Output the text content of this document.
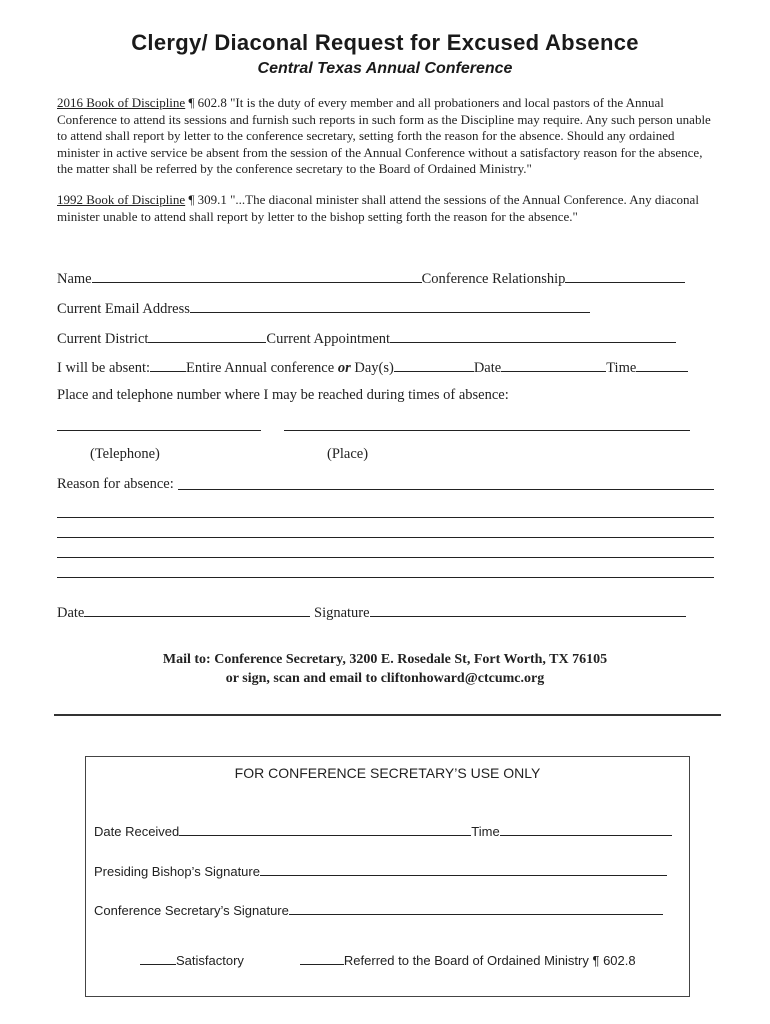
Clergy/ Diaconal Request for Excused Absence
Central Texas Annual Conference
2016 Book of Discipline ¶ 602.8 "It is the duty of every member and all probationers and local pastors of the Annual Conference to attend its sessions and furnish such reports in such form as the Discipline may require. Any such person unable to attend shall report by letter to the conference secretary, setting forth the reason for the absence. Should any ordained minister in active service be absent from the session of the Annual Conference without a satisfactory reason for the absence, the matter shall be referred by the conference secretary to the Board of Ordained Ministry."
1992 Book of Discipline ¶ 309.1 "...The diaconal minister shall attend the sessions of the Annual Conference. Any diaconal minister unable to attend shall report by letter to the bishop setting forth the reason for the absence."
Name	Conference Relationship
Current Email Address
Current District	Current Appointment
I will be absent: Entire Annual conference or Day(s)	Date	Time
Place and telephone number where I may be reached during times of absence:
(Telephone)	(Place)
Reason for absence:
Date	Signature
Mail to: Conference Secretary, 3200 E. Rosedale St, Fort Worth, TX 76105
or sign, scan and email to cliftonhoward@ctcumc.org
FOR CONFERENCE SECRETARY’S USE ONLY
Date Received	Time
Presiding Bishop’s Signature
Conference Secretary’s Signature
Satisfactory	Referred to the Board of Ordained Ministry ¶ 602.8
